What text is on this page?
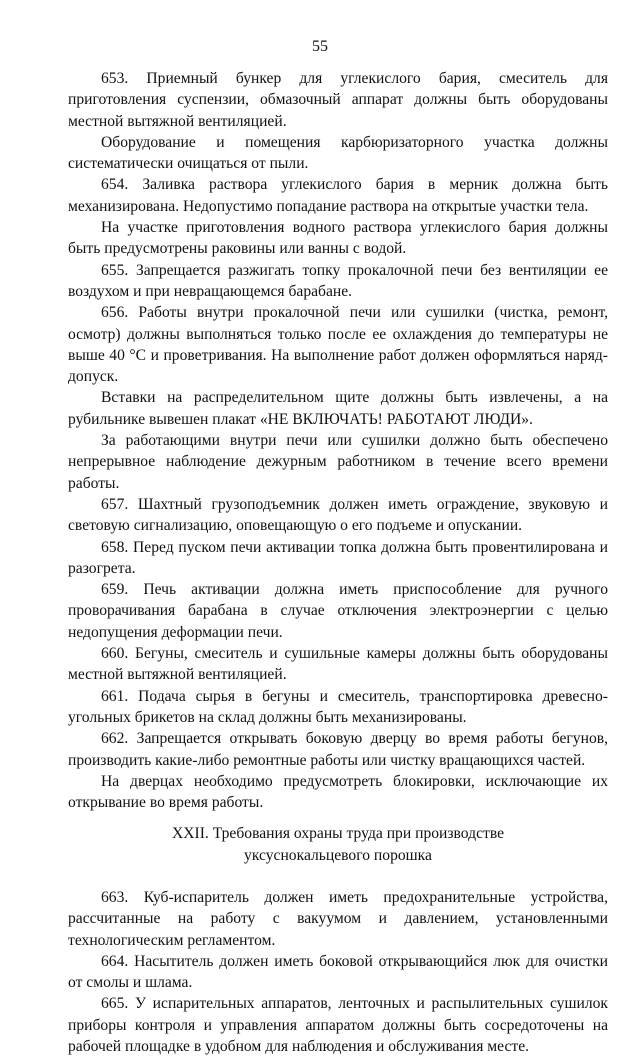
55

653. Приемный бункер для углекислого бария, смеситель для приготовления суспензии, обмазочный аппарат должны быть оборудованы местной вытяжной вентиляцией.

Оборудование и помещения карбюризаторного участка должны систематически очищаться от пыли.

654. Заливка раствора углекислого бария в мерник должна быть механизирована. Недопустимо попадание раствора на открытые участки тела.

На участке приготовления водного раствора углекислого бария должны быть предусмотрены раковины или ванны с водой.

655. Запрещается разжигать топку прокалочной печи без вентиляции ее воздухом и при невращающемся барабане.

656. Работы внутри прокалочной печи или сушилки (чистка, ремонт, осмотр) должны выполняться только после ее охлаждения до температуры не выше 40 °С и проветривания. На выполнение работ должен оформляться наряд-допуск.

Вставки на распределительном щите должны быть извлечены, а на рубильнике вывешен плакат «НЕ ВКЛЮЧАТЬ! РАБОТАЮТ ЛЮДИ».

За работающими внутри печи или сушилки должно быть обеспечено непрерывное наблюдение дежурным работником в течение всего времени работы.

657. Шахтный грузоподъемник должен иметь ограждение, звуковую и световую сигнализацию, оповещающую о его подъеме и опускании.

658. Перед пуском печи активации топка должна быть провентилирована и разогрета.

659. Печь активации должна иметь приспособление для ручного проворачивания барабана в случае отключения электроэнергии с целью недопущения деформации печи.

660. Бегуны, смеситель и сушильные камеры должны быть оборудованы местной вытяжной вентиляцией.

661. Подача сырья в бегуны и смеситель, транспортировка древесно-угольных брикетов на склад должны быть механизированы.

662. Запрещается открывать боковую дверцу во время работы бегунов, производить какие-либо ремонтные работы или чистку вращающихся частей.

На дверцах необходимо предусмотреть блокировки, исключающие их открывание во время работы.

XXII. Требования охраны труда при производстве
уксуснокальцевого порошка

663. Куб-испаритель должен иметь предохранительные устройства, рассчитанные на работу с вакуумом и давлением, установленными технологическим регламентом.

664. Насытитель должен иметь боковой открывающийся люк для очистки от смолы и шлама.

665. У испарительных аппаратов, ленточных и распылительных сушилок приборы контроля и управления аппаратом должны быть сосредоточены на рабочей площадке в удобном для наблюдения и обслуживания месте.
